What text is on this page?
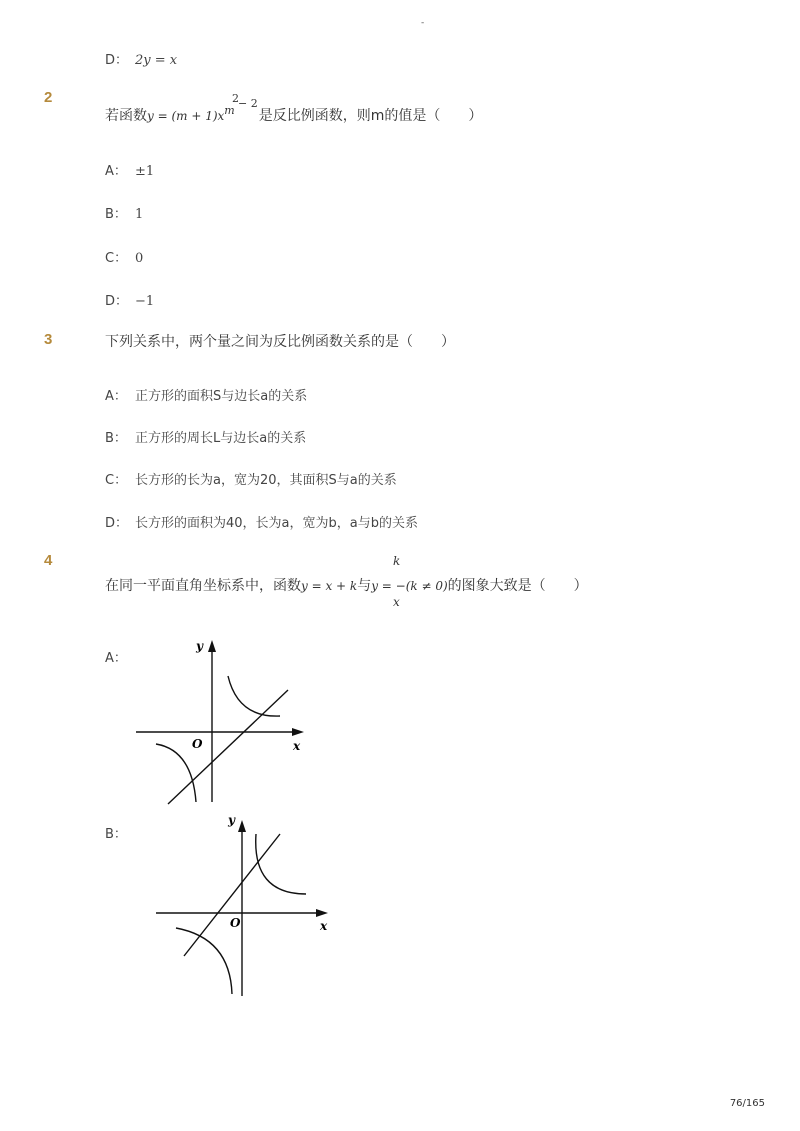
-
D： 2y = x
2
若函数$y = (m + 1)x^m$ 是反比例函数，则m的值是（　　）
2 − 2
A： ±1
B： 1
C： 0
D： −1
3	下列关系中，两个量之间为反比例函数关系的是（　　）
A： 正方形的面积S与边长a的关系
B： 正方形的周长L与边长a的关系
C： 长方形的长为a，宽为20，其面积S与a的关系
D： 长方形的面积为40，长为a，宽为b，a与b的关系
4
在同一平面直角坐标系中，函数y = x + k与y = −(k ≠ 0)的图象大致是（　　）
k
x
A：
y
x
O
B：
y
x
O
76/165
